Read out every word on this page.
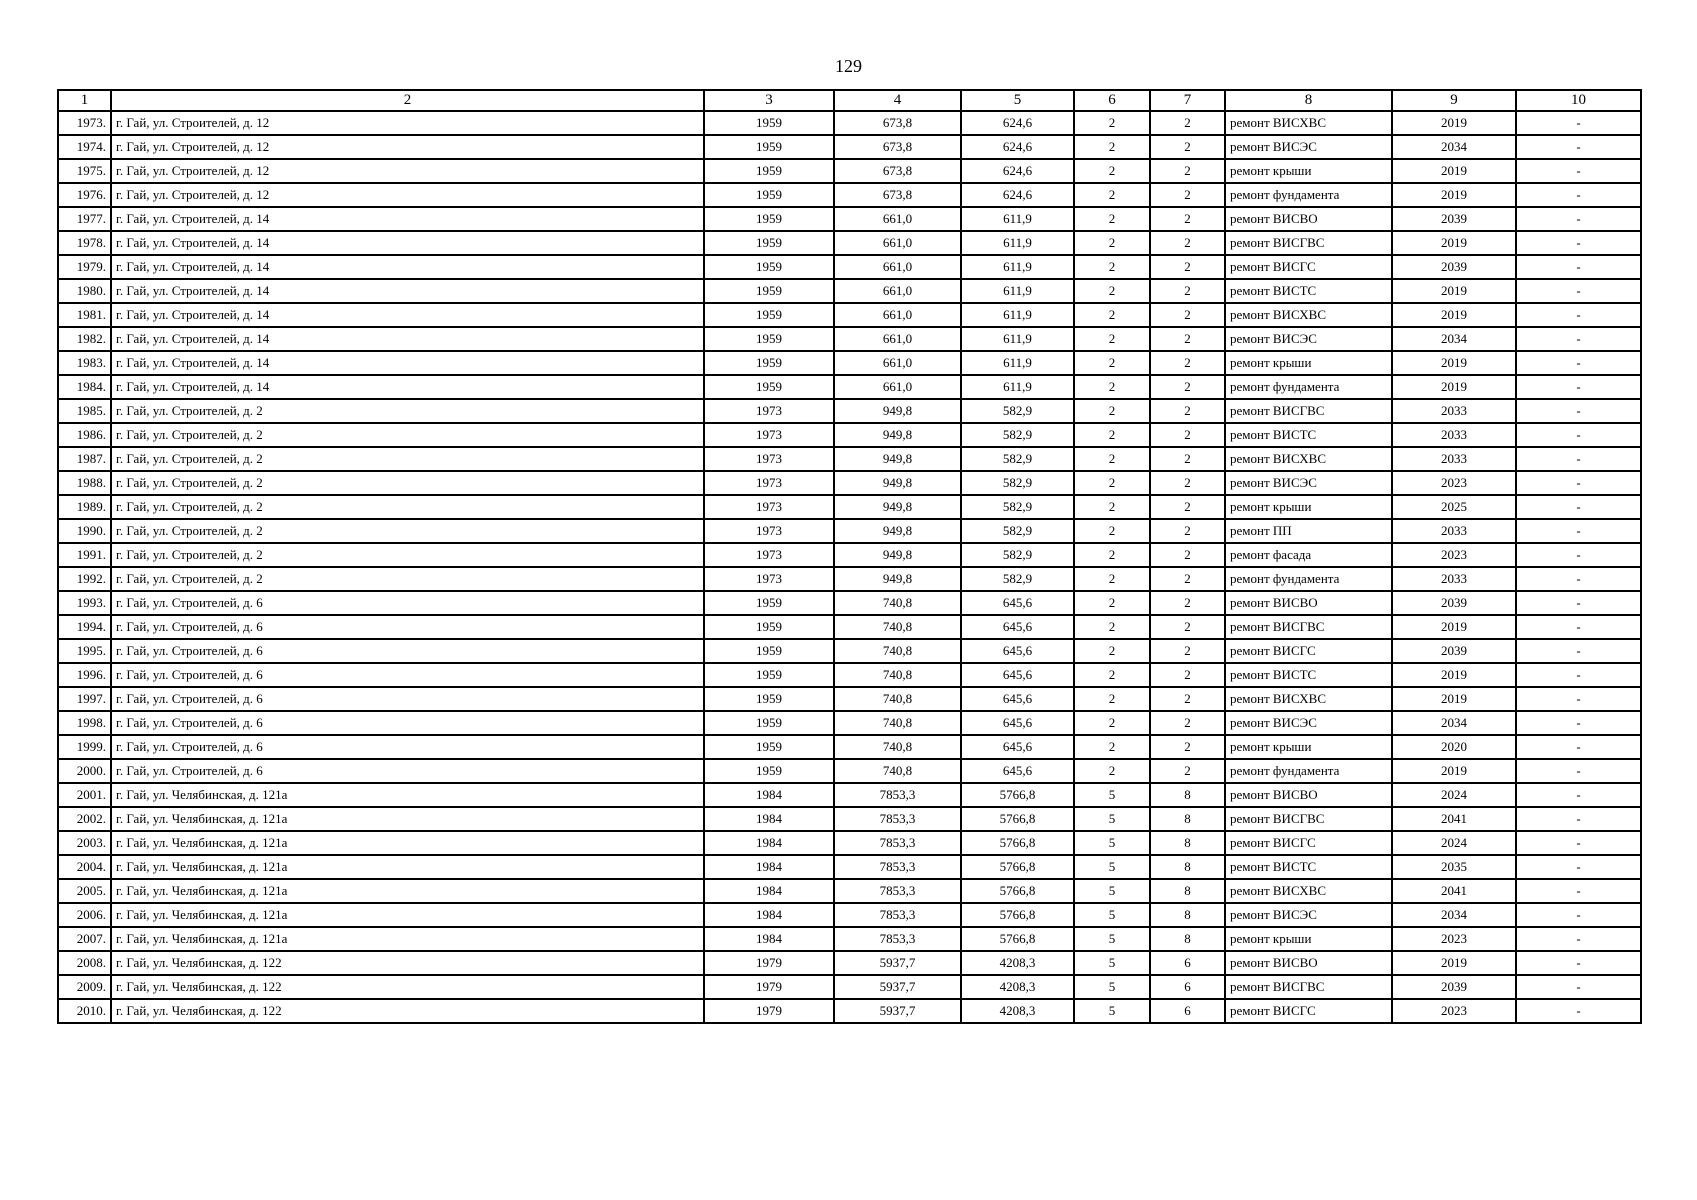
129
1	2	3	4	5	6	7	8	9	10
1973.	г. Гай, ул. Строителей, д. 12	1959	673,8	624,6	2	2	ремонт ВИСХВС	2019	-
1974.	г. Гай, ул. Строителей, д. 12	1959	673,8	624,6	2	2	ремонт ВИСЭС	2034	-
1975.	г. Гай, ул. Строителей, д. 12	1959	673,8	624,6	2	2	ремонт крыши	2019	-
1976.	г. Гай, ул. Строителей, д. 12	1959	673,8	624,6	2	2	ремонт фундамента	2019	-
1977.	г. Гай, ул. Строителей, д. 14	1959	661,0	611,9	2	2	ремонт ВИСВО	2039	-
1978.	г. Гай, ул. Строителей, д. 14	1959	661,0	611,9	2	2	ремонт ВИСГВС	2019	-
1979.	г. Гай, ул. Строителей, д. 14	1959	661,0	611,9	2	2	ремонт ВИСГС	2039	-
1980.	г. Гай, ул. Строителей, д. 14	1959	661,0	611,9	2	2	ремонт ВИСТС	2019	-
1981.	г. Гай, ул. Строителей, д. 14	1959	661,0	611,9	2	2	ремонт ВИСХВС	2019	-
1982.	г. Гай, ул. Строителей, д. 14	1959	661,0	611,9	2	2	ремонт ВИСЭС	2034	-
1983.	г. Гай, ул. Строителей, д. 14	1959	661,0	611,9	2	2	ремонт крыши	2019	-
1984.	г. Гай, ул. Строителей, д. 14	1959	661,0	611,9	2	2	ремонт фундамента	2019	-
1985.	г. Гай, ул. Строителей, д. 2	1973	949,8	582,9	2	2	ремонт ВИСГВС	2033	-
1986.	г. Гай, ул. Строителей, д. 2	1973	949,8	582,9	2	2	ремонт ВИСТС	2033	-
1987.	г. Гай, ул. Строителей, д. 2	1973	949,8	582,9	2	2	ремонт ВИСХВС	2033	-
1988.	г. Гай, ул. Строителей, д. 2	1973	949,8	582,9	2	2	ремонт ВИСЭС	2023	-
1989.	г. Гай, ул. Строителей, д. 2	1973	949,8	582,9	2	2	ремонт крыши	2025	-
1990.	г. Гай, ул. Строителей, д. 2	1973	949,8	582,9	2	2	ремонт ПП	2033	-
1991.	г. Гай, ул. Строителей, д. 2	1973	949,8	582,9	2	2	ремонт фасада	2023	-
1992.	г. Гай, ул. Строителей, д. 2	1973	949,8	582,9	2	2	ремонт фундамента	2033	-
1993.	г. Гай, ул. Строителей, д. 6	1959	740,8	645,6	2	2	ремонт ВИСВО	2039	-
1994.	г. Гай, ул. Строителей, д. 6	1959	740,8	645,6	2	2	ремонт ВИСГВС	2019	-
1995.	г. Гай, ул. Строителей, д. 6	1959	740,8	645,6	2	2	ремонт ВИСГС	2039	-
1996.	г. Гай, ул. Строителей, д. 6	1959	740,8	645,6	2	2	ремонт ВИСТС	2019	-
1997.	г. Гай, ул. Строителей, д. 6	1959	740,8	645,6	2	2	ремонт ВИСХВС	2019	-
1998.	г. Гай, ул. Строителей, д. 6	1959	740,8	645,6	2	2	ремонт ВИСЭС	2034	-
1999.	г. Гай, ул. Строителей, д. 6	1959	740,8	645,6	2	2	ремонт крыши	2020	-
2000.	г. Гай, ул. Строителей, д. 6	1959	740,8	645,6	2	2	ремонт фундамента	2019	-
2001.	г. Гай, ул. Челябинская, д. 121а	1984	7853,3	5766,8	5	8	ремонт ВИСВО	2024	-
2002.	г. Гай, ул. Челябинская, д. 121а	1984	7853,3	5766,8	5	8	ремонт ВИСГВС	2041	-
2003.	г. Гай, ул. Челябинская, д. 121а	1984	7853,3	5766,8	5	8	ремонт ВИСГС	2024	-
2004.	г. Гай, ул. Челябинская, д. 121а	1984	7853,3	5766,8	5	8	ремонт ВИСТС	2035	-
2005.	г. Гай, ул. Челябинская, д. 121а	1984	7853,3	5766,8	5	8	ремонт ВИСХВС	2041	-
2006.	г. Гай, ул. Челябинская, д. 121а	1984	7853,3	5766,8	5	8	ремонт ВИСЭС	2034	-
2007.	г. Гай, ул. Челябинская, д. 121а	1984	7853,3	5766,8	5	8	ремонт крыши	2023	-
2008.	г. Гай, ул. Челябинская, д. 122	1979	5937,7	4208,3	5	6	ремонт ВИСВО	2019	-
2009.	г. Гай, ул. Челябинская, д. 122	1979	5937,7	4208,3	5	6	ремонт ВИСГВС	2039	-
2010.	г. Гай, ул. Челябинская, д. 122	1979	5937,7	4208,3	5	6	ремонт ВИСГС	2023	-
